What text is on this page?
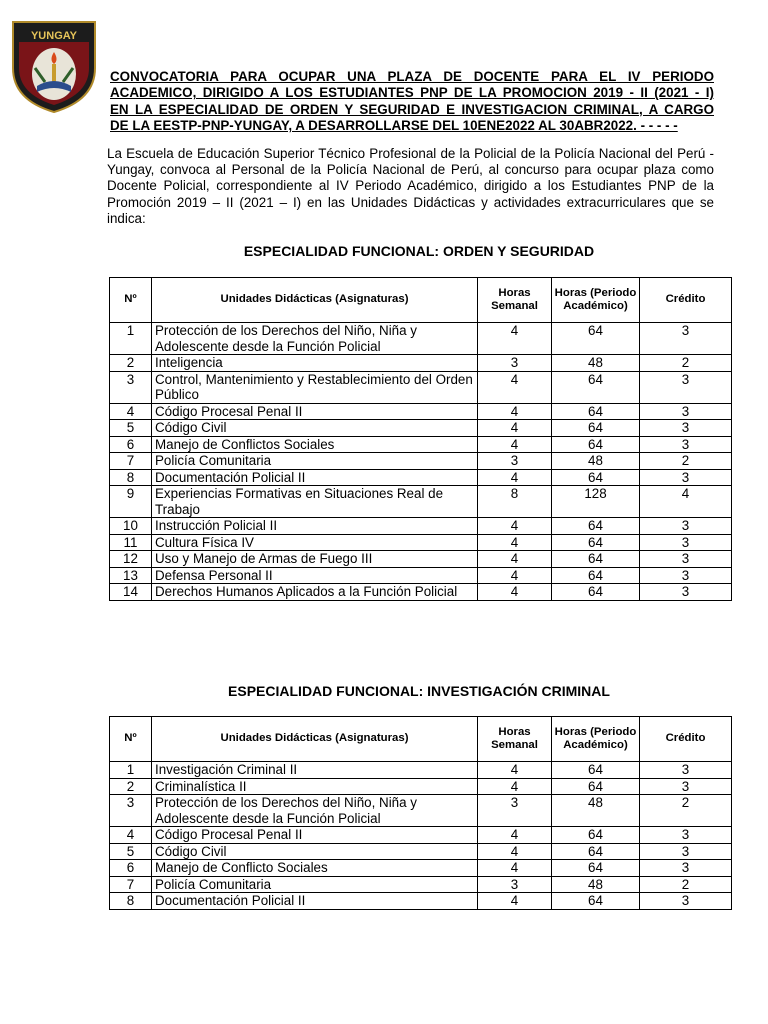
YUNGAY
CONVOCATORIA PARA OCUPAR UNA PLAZA DE DOCENTE PARA EL IV PERIODO
ACADEMICO, DIRIGIDO A LOS ESTUDIANTES PNP DE LA PROMOCION 2019 - II (2021 - I)
EN LA ESPECIALIDAD DE ORDEN Y SEGURIDAD E INVESTIGACION CRIMINAL, A CARGO
DE LA EESTP-PNP-YUNGAY, A DESARROLLARSE DEL 10ENE2022 AL 30ABR2022. - - - - -
La Escuela de Educación Superior Técnico Profesional de la Policial de la Policía Nacional del Perú - Yungay, convoca al Personal de la Policía Nacional de Perú, al concurso para ocupar plaza como Docente Policial, correspondiente al IV Periodo Académico, dirigido a los Estudiantes PNP de la Promoción 2019 – II (2021 – I) en las Unidades Didácticas y actividades extracurriculares que se indica:
ESPECIALIDAD FUNCIONAL: ORDEN Y SEGURIDAD
Nº	Unidades Didácticas (Asignaturas)	Horas Semanal	Horas (Periodo Académico)	Crédito
1	Protección de los Derechos del Niño, Niña y Adolescente desde la Función Policial	4	64	3
2	Inteligencia	3	48	2
3	Control, Mantenimiento y Restablecimiento del Orden Público	4	64	3
4	Código Procesal Penal II	4	64	3
5	Código Civil	4	64	3
6	Manejo de Conflictos Sociales	4	64	3
7	Policía Comunitaria	3	48	2
8	Documentación Policial II	4	64	3
9	Experiencias Formativas en Situaciones Real de Trabajo	8	128	4
10	Instrucción Policial II	4	64	3
11	Cultura Física IV	4	64	3
12	Uso y Manejo de Armas de Fuego III	4	64	3
13	Defensa Personal II	4	64	3
14	Derechos Humanos Aplicados a la Función Policial	4	64	3
ESPECIALIDAD FUNCIONAL: INVESTIGACIÓN CRIMINAL
Nº	Unidades Didácticas (Asignaturas)	Horas Semanal	Horas (Periodo Académico)	Crédito
1	Investigación Criminal II	4	64	3
2	Criminalística II	4	64	3
3	Protección de los Derechos del Niño, Niña y Adolescente desde la Función Policial	3	48	2
4	Código Procesal Penal II	4	64	3
5	Código Civil	4	64	3
6	Manejo de Conflicto Sociales	4	64	3
7	Policía Comunitaria	3	48	2
8	Documentación Policial II	4	64	3
